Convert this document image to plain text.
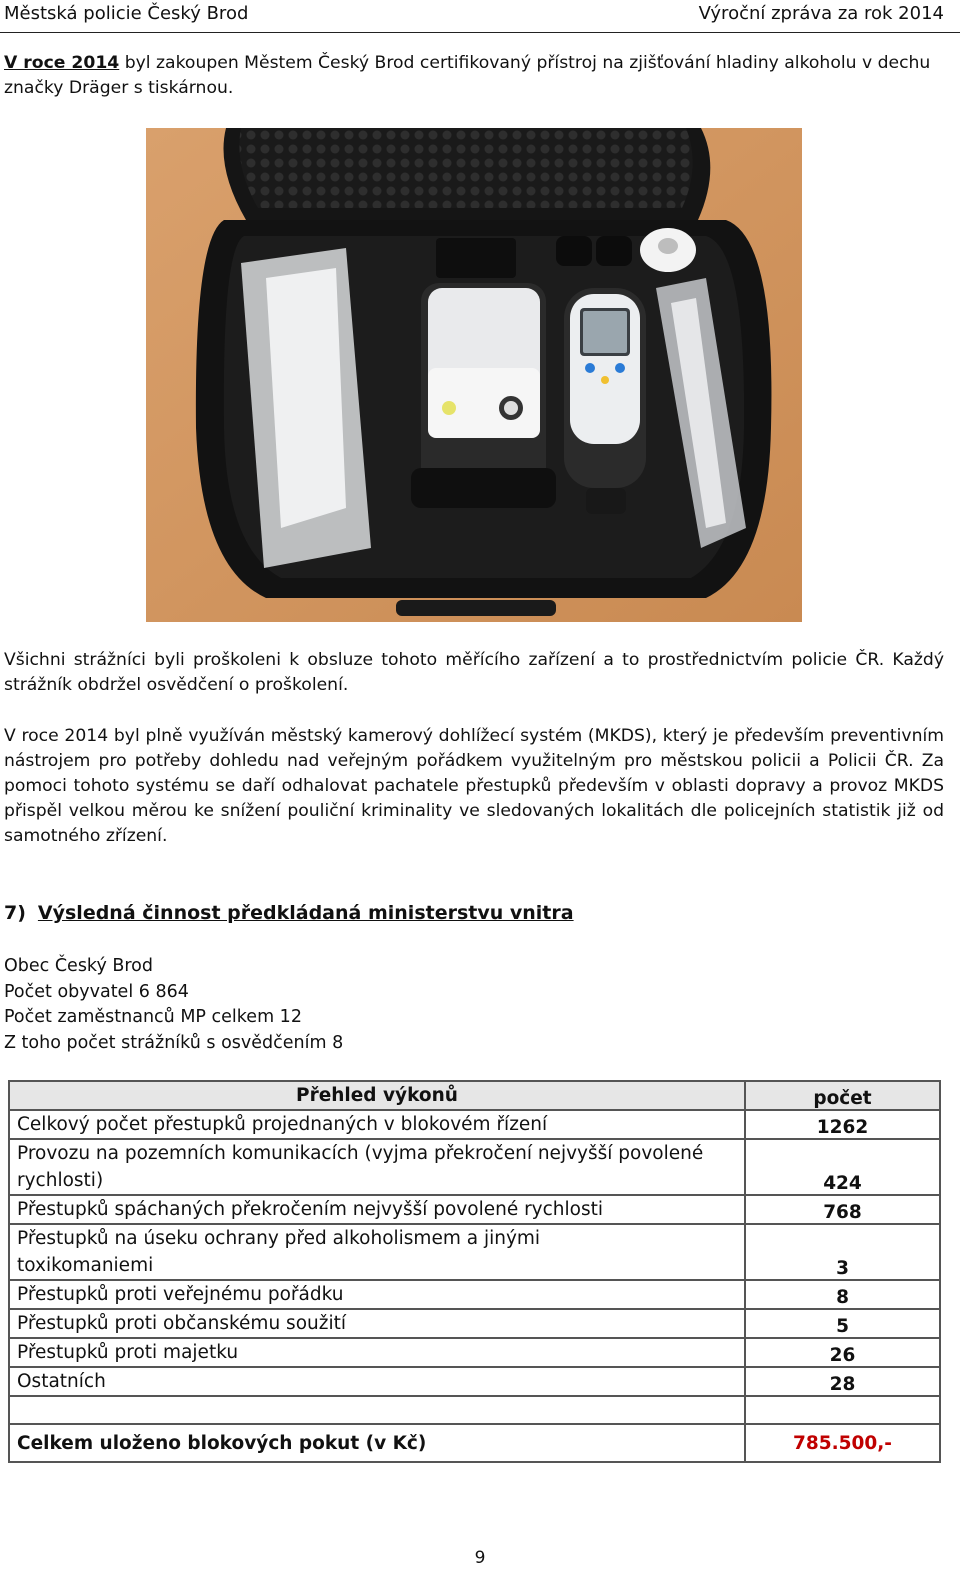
Městská policie Český Brod	Výroční zpráva za rok 2014

V roce 2014 byl zakoupen Městem Český Brod certifikovaný přístroj na zjišťování hladiny alkoholu v dechu značky Dräger s tiskárnou.

Všichni strážníci byli proškoleni k obsluze tohoto měřícího zařízení a to prostřednictvím policie ČR. Každý strážník obdržel osvědčení o proškolení.

V roce 2014 byl plně využíván městský kamerový dohlížecí systém (MKDS), který je především preventivním nástrojem pro potřeby dohledu nad veřejným pořádkem využitelným pro městskou policii a Policii ČR. Za pomoci tohoto systému se daří odhalovat pachatele přestupků především v oblasti dopravy a provoz MKDS přispěl velkou měrou ke snížení pouliční kriminality ve sledovaných lokalitách dle policejních statistik již od samotného zřízení.

7) Výsledná činnost předkládaná ministerstvu vnitra
Obec Český Brod
Počet obyvatel 6 864
Počet zaměstnanců MP celkem 12
Z toho počet strážníků s osvědčením 8
Přehled výkonů	počet
Celkový počet přestupků projednaných v blokovém řízení	1262
Provozu na pozemních komunikacích (vyjma překročení nejvyšší povolené rychlosti)	424
Přestupků spáchaných překročením nejvyšší povolené rychlosti	768
Přestupků na úseku ochrany před alkoholismem a jinými toxikomaniemi	3
Přestupků proti veřejnému pořádku	8
Přestupků proti občanskému soužití	5
Přestupků proti majetku	26
Ostatních	28

Celkem uloženo blokových pokut (v Kč)	785.500,-
9
